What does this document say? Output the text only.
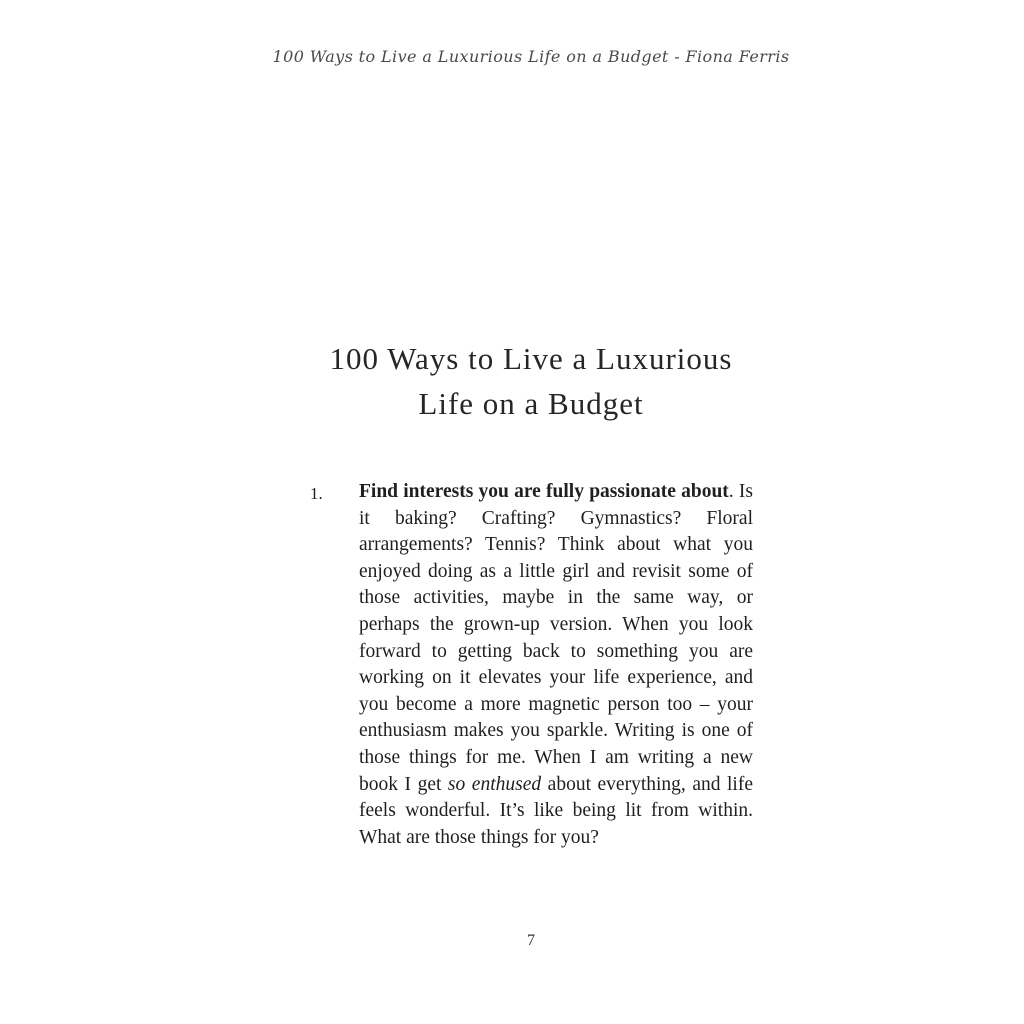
100 Ways to Live a Luxurious Life on a Budget - Fiona Ferris
100 Ways to Live a Luxurious
Life on a Budget
1.	Find interests you are fully passionate about. Is it baking? Crafting? Gymnastics? Floral arrangements? Tennis? Think about what you enjoyed doing as a little girl and revisit some of those activities, maybe in the same way, or perhaps the grown-up version. When you look forward to getting back to something you are working on it elevates your life experience, and you become a more magnetic person too – your enthusiasm makes you sparkle. Writing is one of those things for me. When I am writing a new book I get so enthused about everything, and life feels wonderful. It’s like being lit from within. What are those things for you?

7
